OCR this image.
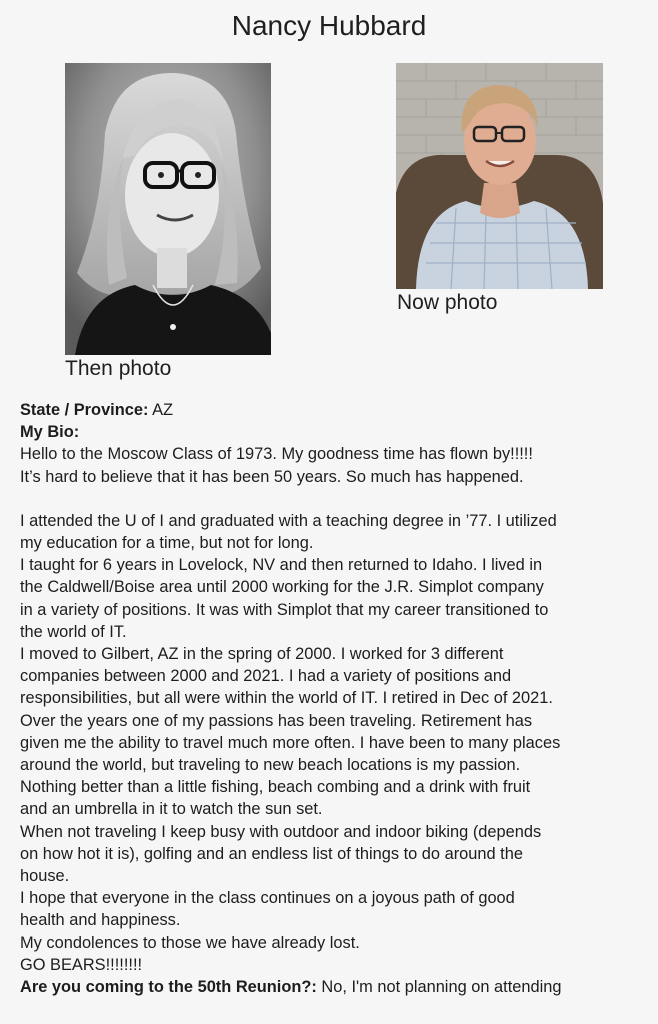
Nancy Hubbard
Then photo
Now photo
State / Province: AZ
My Bio:
Hello to the Moscow Class of 1973. My goodness time has flown by!!!!!
It’s hard to believe that it has been 50 years. So much has happened.
I attended the U of I and graduated with a teaching degree in ’77. I utilized
my education for a time, but not for long.
I taught for 6 years in Lovelock, NV and then returned to Idaho. I lived in
the Caldwell/Boise area until 2000 working for the J.R. Simplot company
in a variety of positions. It was with Simplot that my career transitioned to
the world of IT.
I moved to Gilbert, AZ in the spring of 2000. I worked for 3 different
companies between 2000 and 2021. I had a variety of positions and
responsibilities, but all were within the world of IT. I retired in Dec of 2021.
Over the years one of my passions has been traveling. Retirement has
given me the ability to travel much more often. I have been to many places
around the world, but traveling to new beach locations is my passion.
Nothing better than a little fishing, beach combing and a drink with fruit
and an umbrella in it to watch the sun set.
When not traveling I keep busy with outdoor and indoor biking (depends
on how hot it is), golfing and an endless list of things to do around the
house.
I hope that everyone in the class continues on a joyous path of good
health and happiness.
My condolences to those we have already lost.
GO BEARS!!!!!!!!
Are you coming to the 50th Reunion?: No, I'm not planning on attending
